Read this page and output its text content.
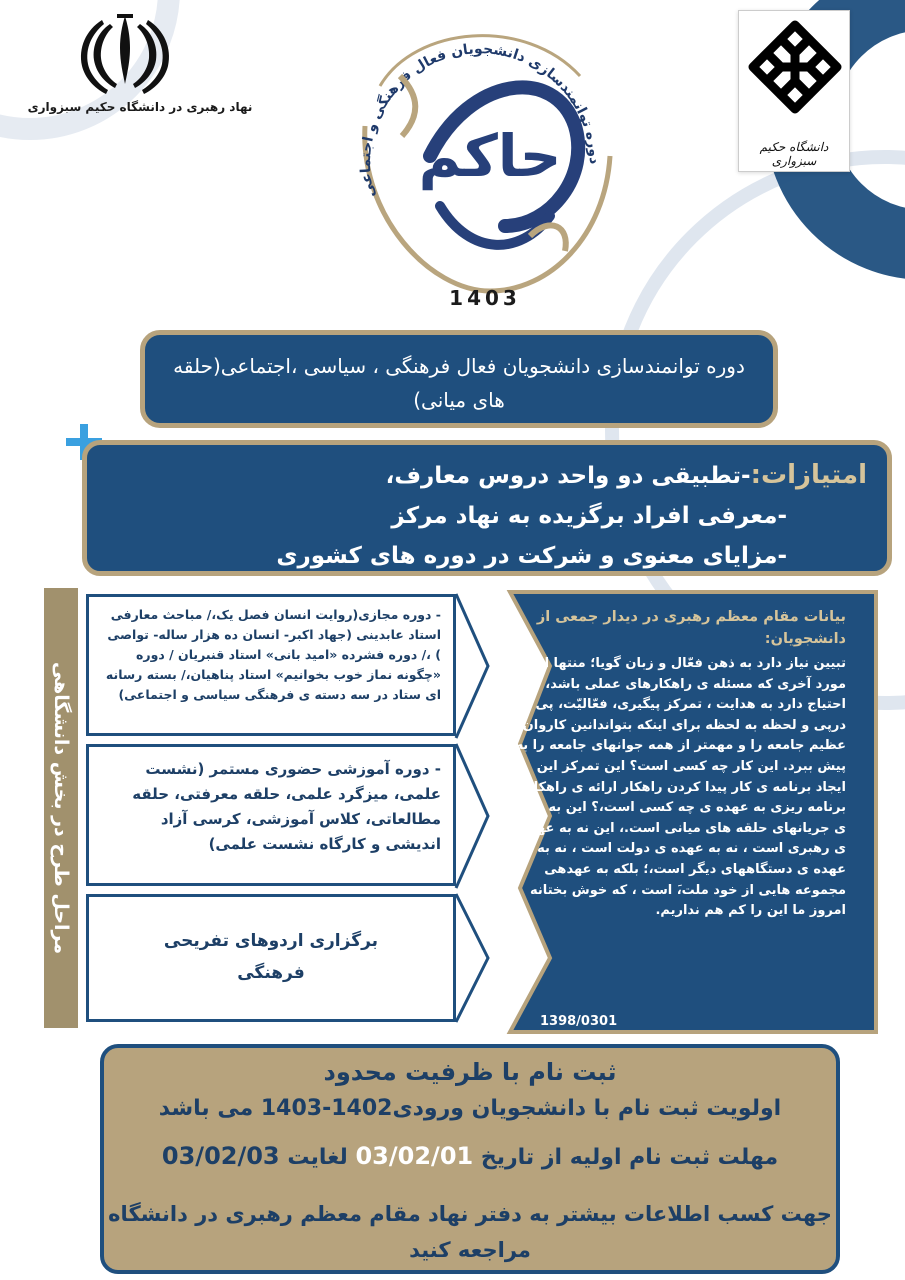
نهاد رهبری در دانشگاه حکیم سبزواری
دانشگاه حکیم سبزواری
دوره توانمندسازی دانشجویان فعال فرهنگی و اجتماعی
حاکم
1403
دوره توانمندسازی دانشجویان فعال فرهنگی ، سیاسی ،اجتماعی(حلقه های میانی)
امتیازات:-تطبیقی دو واحد دروس معارف،
-معرفی افراد برگزیده به نهاد مرکز
-مزایای معنوی و شرکت در دوره های کشوری
مراحل طرح در بخش دانشگاهی
- دوره مجازی(روایت انسان فصل یک،/ مباحث معارفی استاد عابدینی (جهاد اکبر- انسان ده هزار ساله- تواصی ) ،/ دوره فشرده «امید بانی» استاد قنبریان / دوره «چگونه نماز خوب بخوانیم» استاد پناهیان،/ بسته رسانه ای ستاد در سه دسته ی فرهنگی سیاسی و اجتماعی)
- دوره آموزشی حضوری مستمر (نشست علمی، میزگرد علمی، حلقه معرفتی، حلقه مطالعاتی، کلاس آموزشی، کرسی آزاد اندیشی و کارگاه نشست علمی)
برگزاری اردوهای تفریحی فرهنگی
بیانات مقام معظم رهبری در دیدار جمعی از دانشجویان:
تبیین نیاز دارد به ذهن فعّال و زبان گویا؛ منتها این مورد آخری که مسئله ی راهکارهای عملی باشد، احتیاج دارد به هدایت ، تمرکز پیگیری، فعّالیّت، پی درپی و لحظه به لحظه برای اینکه بتواندانین کاروان عظیم جامعه را و مهمتر از همه جوانهای جامعه را به پیش ببرد. این کار چه کسی است؟ این تمرکز این ایجاد برنامه ی کار پیدا کردن راهکار ارائه ی راهکار برنامه ریزی به عهده ی چه کسی است،؟ این به عهده ی جریانهای حلقه های میانی است.، این نه به عهده ی رهبری است ، نه به عهده ی دولت است ، نه به عهده ی دستگاههای دیگر است،؛ بلکه به عهدهی مجموعه هایی از خود ملت،َ است ، که خوش بختانه امروز ما این را کم هم نداریم.
1398/0301
ثبت نام با ظرفیت محدود
اولویت ثبت نام با دانشجویان ورودی1402-1403 می باشد
مهلت ثبت نام اولیه از تاریخ 03/02/01 لغایت 03/02/03
جهت کسب اطلاعات بیشتر به دفتر نهاد مقام معظم رهبری در دانشگاه مراجعه کنید
